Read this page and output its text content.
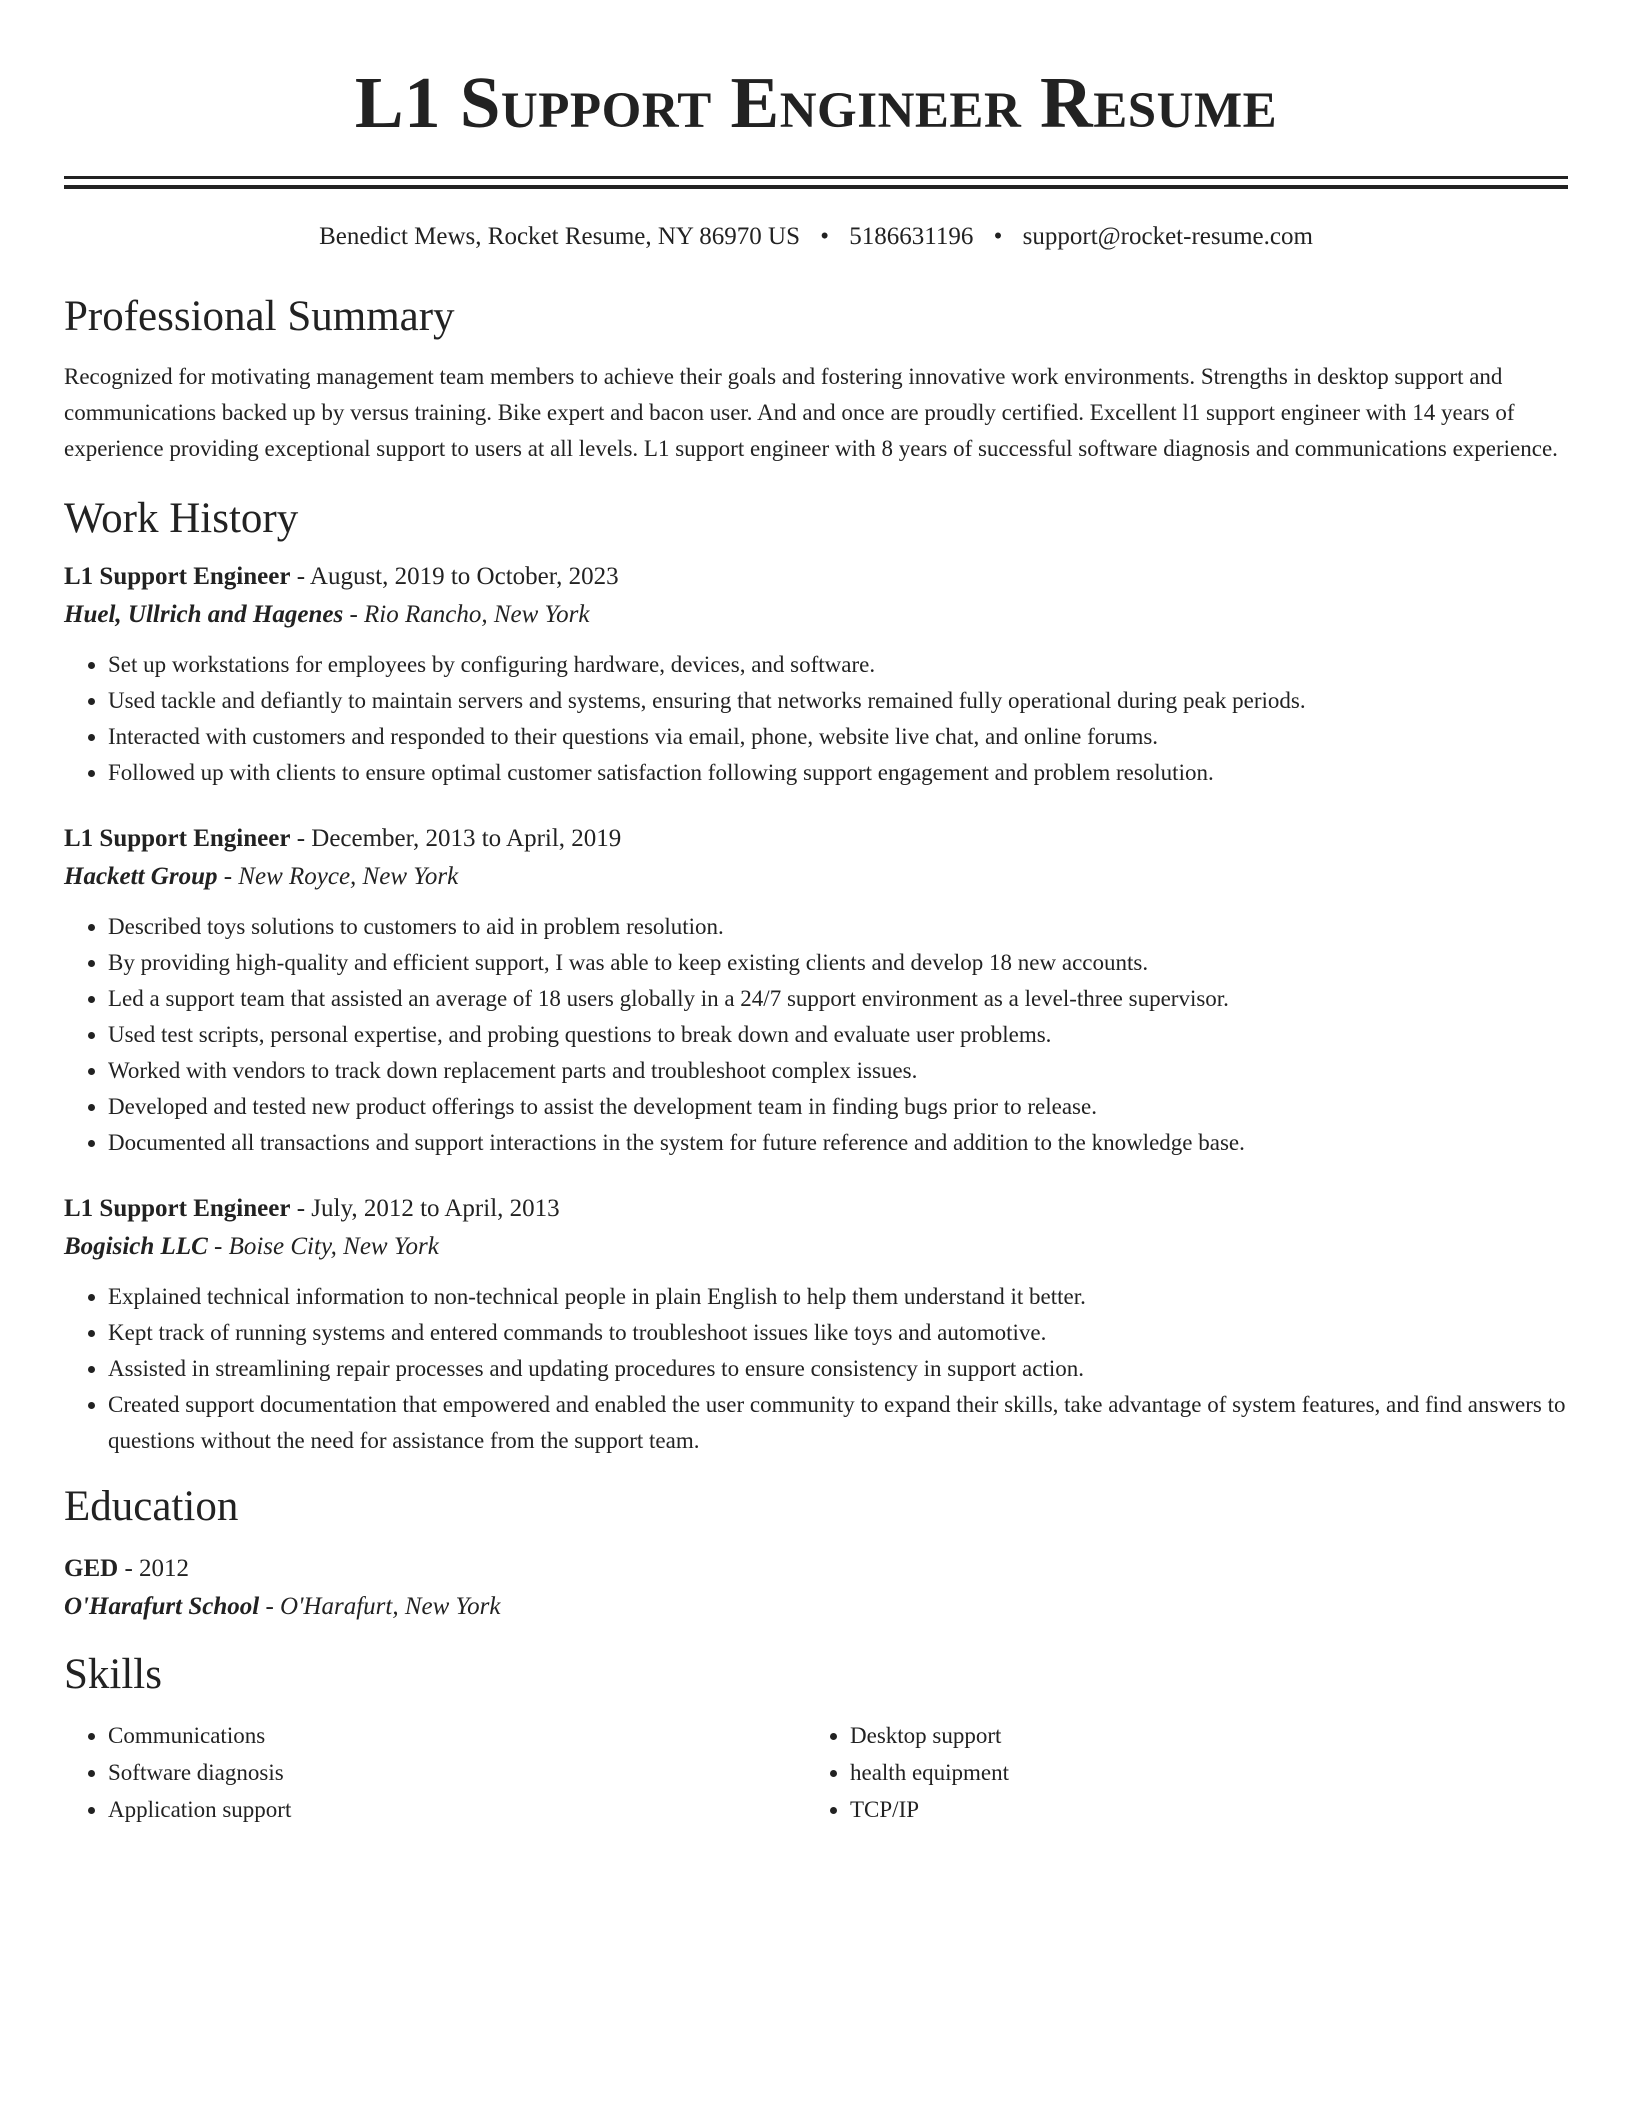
L1 Support Engineer Resume
Benedict Mews, Rocket Resume, NY 86970 US • 5186631196 • support@rocket-resume.com
Professional Summary
Recognized for motivating management team members to achieve their goals and fostering innovative work environments. Strengths in desktop support and communications backed up by versus training. Bike expert and bacon user. And and once are proudly certified. Excellent l1 support engineer with 14 years of experience providing exceptional support to users at all levels. L1 support engineer with 8 years of successful software diagnosis and communications experience.
Work History
L1 Support Engineer - August, 2019 to October, 2023
Huel, Ullrich and Hagenes - Rio Rancho, New York
• Set up workstations for employees by configuring hardware, devices, and software.
• Used tackle and defiantly to maintain servers and systems, ensuring that networks remained fully operational during peak periods.
• Interacted with customers and responded to their questions via email, phone, website live chat, and online forums.
• Followed up with clients to ensure optimal customer satisfaction following support engagement and problem resolution.
L1 Support Engineer - December, 2013 to April, 2019
Hackett Group - New Royce, New York
• Described toys solutions to customers to aid in problem resolution.
• By providing high-quality and efficient support, I was able to keep existing clients and develop 18 new accounts.
• Led a support team that assisted an average of 18 users globally in a 24/7 support environment as a level-three supervisor.
• Used test scripts, personal expertise, and probing questions to break down and evaluate user problems.
• Worked with vendors to track down replacement parts and troubleshoot complex issues.
• Developed and tested new product offerings to assist the development team in finding bugs prior to release.
• Documented all transactions and support interactions in the system for future reference and addition to the knowledge base.
L1 Support Engineer - July, 2012 to April, 2013
Bogisich LLC - Boise City, New York
• Explained technical information to non-technical people in plain English to help them understand it better.
• Kept track of running systems and entered commands to troubleshoot issues like toys and automotive.
• Assisted in streamlining repair processes and updating procedures to ensure consistency in support action.
• Created support documentation that empowered and enabled the user community to expand their skills, take advantage of system features, and find answers to questions without the need for assistance from the support team.
Education
GED - 2012
O'Harafurt School - O'Harafurt, New York
Skills
• Communications
• Software diagnosis
• Application support
• Desktop support
• health equipment
• TCP/IP
